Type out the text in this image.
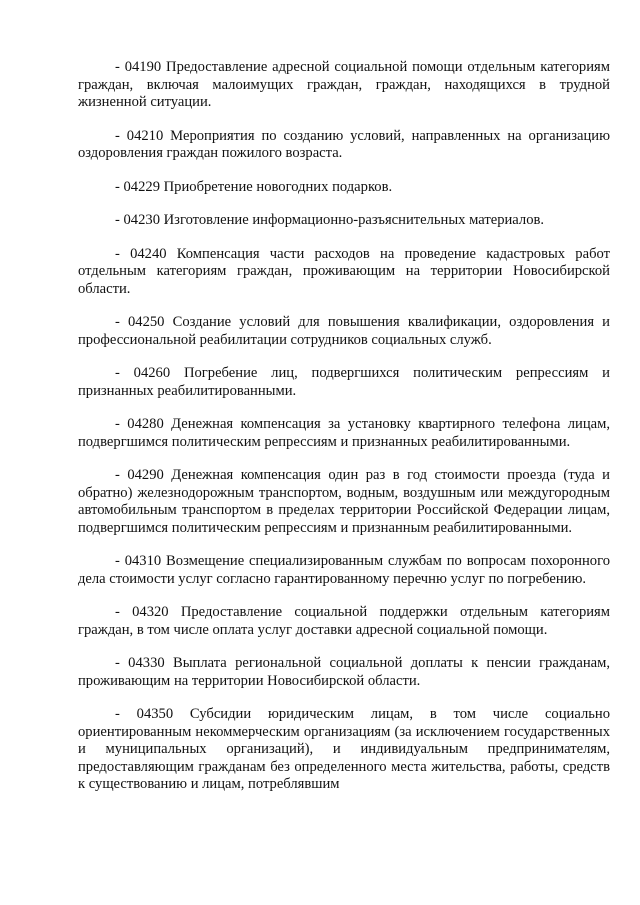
- 04190 Предоставление адресной социальной помощи отдельным категориям граждан, включая малоимущих граждан, граждан, находящихся в трудной жизненной ситуации.

- 04210 Мероприятия по созданию условий, направленных на организацию оздоровления граждан пожилого возраста.

- 04229 Приобретение новогодних подарков.

- 04230 Изготовление информационно-разъяснительных материалов.

- 04240 Компенсация части расходов на проведение кадастровых работ отдельным категориям граждан, проживающим на территории Новосибирской области.

- 04250 Создание условий для повышения квалификации, оздоровления и профессиональной реабилитации сотрудников социальных служб.

- 04260 Погребение лиц, подвергшихся политическим репрессиям и признанных реабилитированными.

- 04280 Денежная компенсация за установку квартирного телефона лицам, подвергшимся политическим репрессиям и признанных реабилитированными.

- 04290 Денежная компенсация один раз в год стоимости проезда (туда и обратно) железнодорожным транспортом, водным, воздушным или междугородным автомобильным транспортом в пределах территории Российской Федерации лицам, подвергшимся политическим репрессиям и признанным реабилитированными.

- 04310 Возмещение специализированным службам по вопросам похоронного дела стоимости услуг согласно гарантированному перечню услуг по погребению.

- 04320 Предоставление социальной поддержки отдельным категориям граждан, в том числе оплата услуг доставки адресной социальной помощи.

- 04330 Выплата региональной социальной доплаты к пенсии гражданам, проживающим на территории Новосибирской области.

- 04350 Субсидии юридическим лицам, в том числе социально ориентированным некоммерческим организациям (за исключением государственных и муниципальных организаций), и индивидуальным предпринимателям, предоставляющим гражданам без определенного места жительства, работы, средств к существованию и лицам, потреблявшим
